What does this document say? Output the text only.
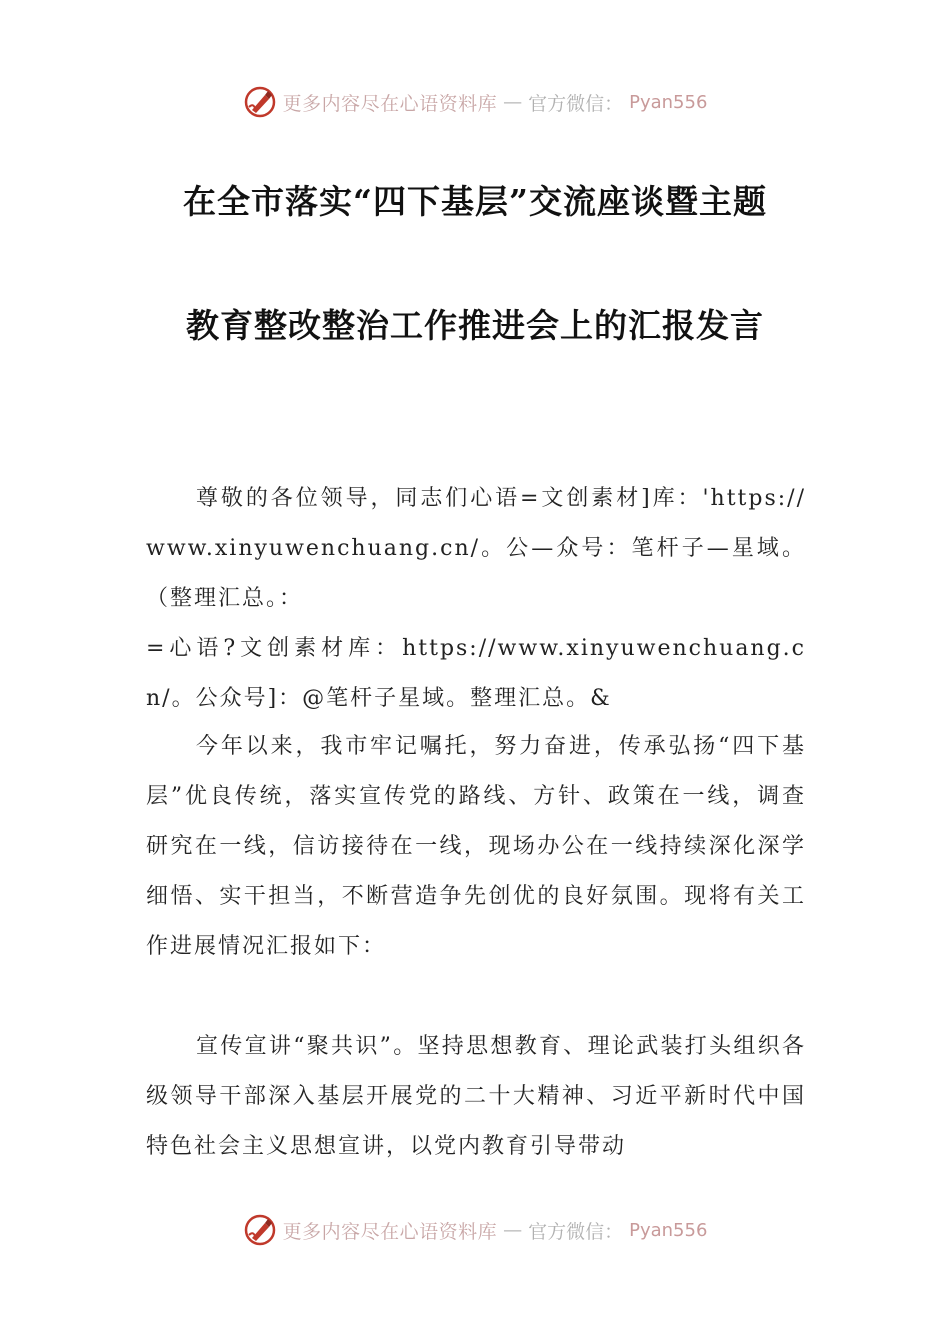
更多内容尽在心语资料库 — 官方微信： Pyan556
在全市落实“四下基层”交流座谈暨主题
教育整改整治工作推进会上的汇报发言

尊敬的各位领导，同志们心语=文创素材]库：'https://www.xinyuwenchuang.cn/。公—众号：笔杆子—星域。（整理汇总。：

=心语?文创素材库：https://www.xinyuwenchuang.cn/。公众号]：@笔杆子星域。整理汇总。&

今年以来，我市牢记嘱托，努力奋进，传承弘扬“四下基层”优良传统，落实宣传党的路线、方针、政策在一线，调查研究在一线，信访接待在一线，现场办公在一线持续深化深学细悟、实干担当，不断营造争先创优的良好氛围。现将有关工作进展情况汇报如下：

宣传宣讲“聚共识”。坚持思想教育、理论武装打头组织各级领导干部深入基层开展党的二十大精神、习近平新时代中国特色社会主义思想宣讲，以党内教育引导带动

更多内容尽在心语资料库 — 官方微信： Pyan556
